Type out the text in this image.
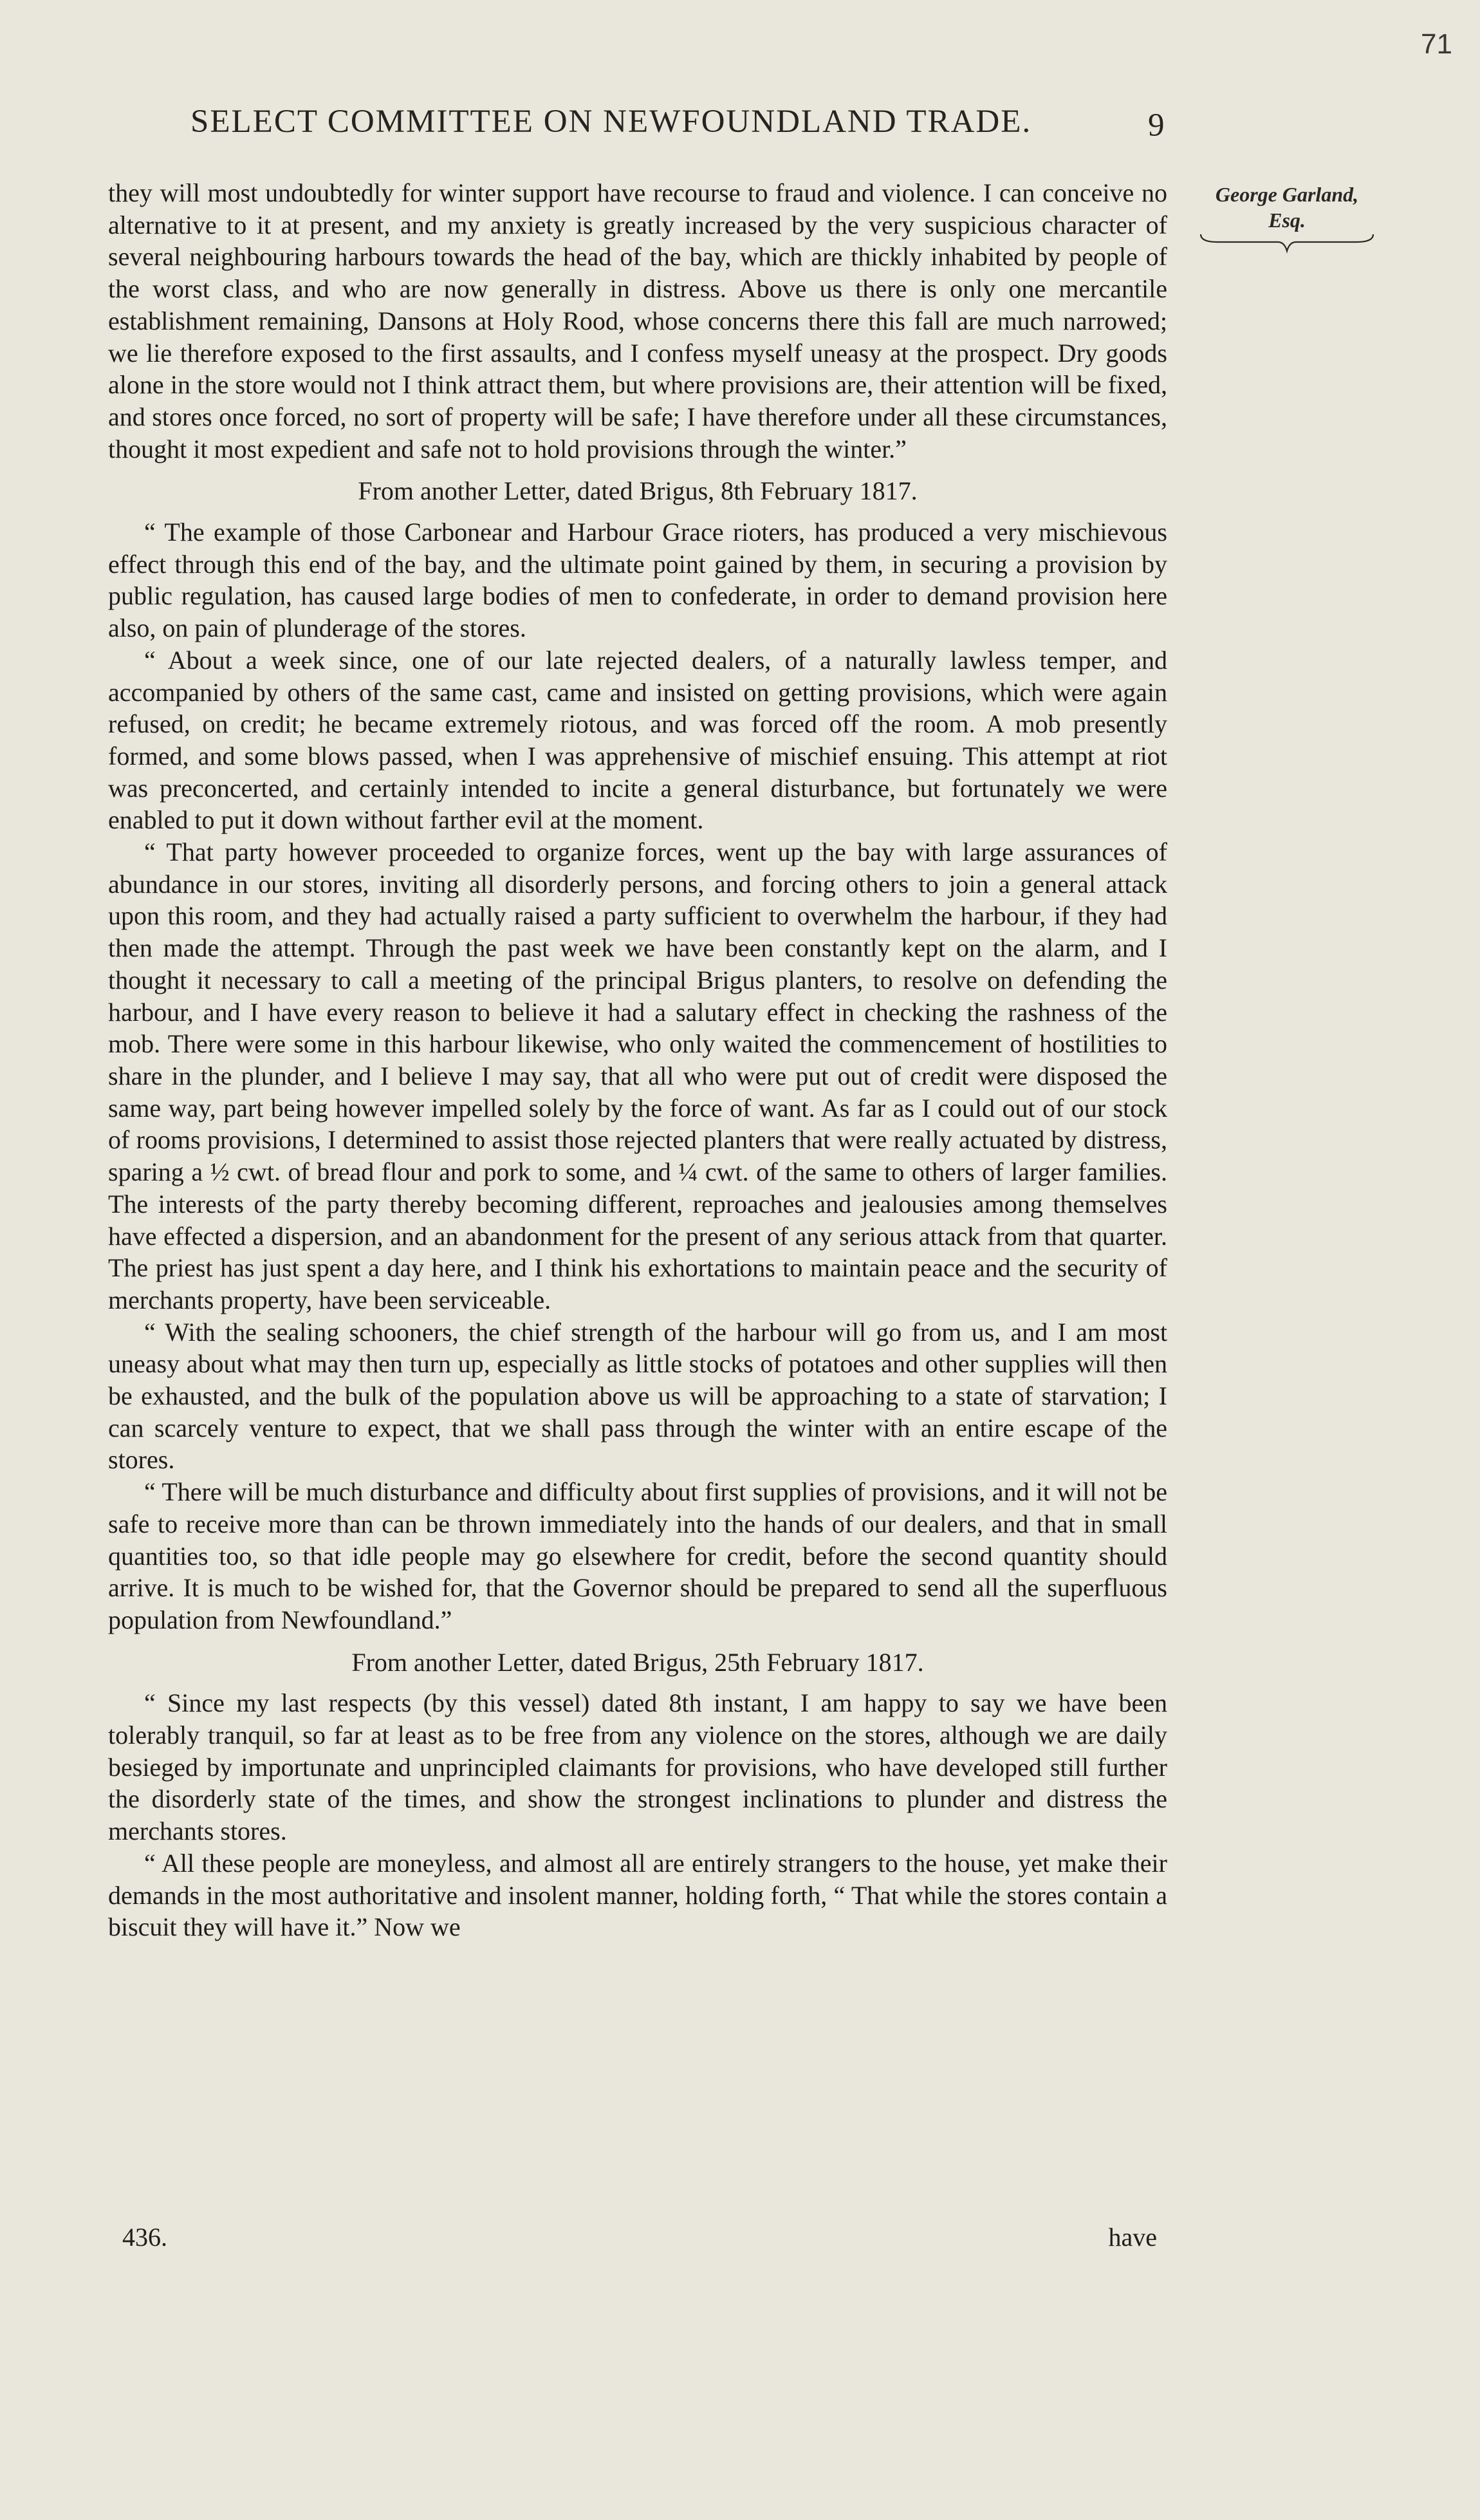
71
SELECT COMMITTEE ON NEWFOUNDLAND TRADE.	9
George Garland,
Esq.

they will most undoubtedly for winter support have recourse to fraud and violence. I can conceive no alternative to it at present, and my anxiety is greatly increased by the very suspicious character of several neighbouring harbours towards the head of the bay, which are thickly inhabited by people of the worst class, and who are now generally in distress. Above us there is only one mercantile establishment remaining, Dansons at Holy Rood, whose concerns there this fall are much narrowed; we lie therefore exposed to the first assaults, and I confess myself uneasy at the prospect. Dry goods alone in the store would not I think attract them, but where provisions are, their attention will be fixed, and stores once forced, no sort of property will be safe; I have therefore under all these circumstances, thought it most expedient and safe not to hold provisions through the winter.”

From another Letter, dated Brigus, 8th February 1817.

“ The example of those Carbonear and Harbour Grace rioters, has produced a very mischievous effect through this end of the bay, and the ultimate point gained by them, in securing a provision by public regulation, has caused large bodies of men to confederate, in order to demand provision here also, on pain of plunderage of the stores.

“ About a week since, one of our late rejected dealers, of a naturally lawless temper, and accompanied by others of the same cast, came and insisted on getting provisions, which were again refused, on credit; he became extremely riotous, and was forced off the room. A mob presently formed, and some blows passed, when I was apprehensive of mischief ensuing. This attempt at riot was preconcerted, and certainly intended to incite a general disturbance, but fortunately we were enabled to put it down without farther evil at the moment.

“ That party however proceeded to organize forces, went up the bay with large assurances of abundance in our stores, inviting all disorderly persons, and forcing others to join a general attack upon this room, and they had actually raised a party sufficient to overwhelm the harbour, if they had then made the attempt. Through the past week we have been constantly kept on the alarm, and I thought it necessary to call a meeting of the principal Brigus planters, to resolve on defending the harbour, and I have every reason to believe it had a salutary effect in checking the rashness of the mob. There were some in this harbour likewise, who only waited the commencement of hostilities to share in the plunder, and I believe I may say, that all who were put out of credit were disposed the same way, part being however impelled solely by the force of want. As far as I could out of our stock of rooms provisions, I determined to assist those rejected planters that were really actuated by distress, sparing a ½ cwt. of bread flour and pork to some, and ¼ cwt. of the same to others of larger families. The interests of the party thereby becoming different, reproaches and jealousies among themselves have effected a dispersion, and an abandonment for the present of any serious attack from that quarter. The priest has just spent a day here, and I think his exhortations to maintain peace and the security of merchants property, have been serviceable.

“ With the sealing schooners, the chief strength of the harbour will go from us, and I am most uneasy about what may then turn up, especially as little stocks of potatoes and other supplies will then be exhausted, and the bulk of the population above us will be approaching to a state of starvation; I can scarcely venture to expect, that we shall pass through the winter with an entire escape of the stores.

“ There will be much disturbance and difficulty about first supplies of provisions, and it will not be safe to receive more than can be thrown immediately into the hands of our dealers, and that in small quantities too, so that idle people may go elsewhere for credit, before the second quantity should arrive. It is much to be wished for, that the Governor should be prepared to send all the superfluous population from Newfoundland.”

From another Letter, dated Brigus, 25th February 1817.

“ Since my last respects (by this vessel) dated 8th instant, I am happy to say we have been tolerably tranquil, so far at least as to be free from any violence on the stores, although we are daily besieged by importunate and unprincipled claimants for provisions, who have developed still further the disorderly state of the times, and show the strongest inclinations to plunder and distress the merchants stores.

“ All these people are moneyless, and almost all are entirely strangers to the house, yet make their demands in the most authoritative and insolent manner, holding forth, “ That while the stores contain a biscuit they will have it.” Now we

436.	have
